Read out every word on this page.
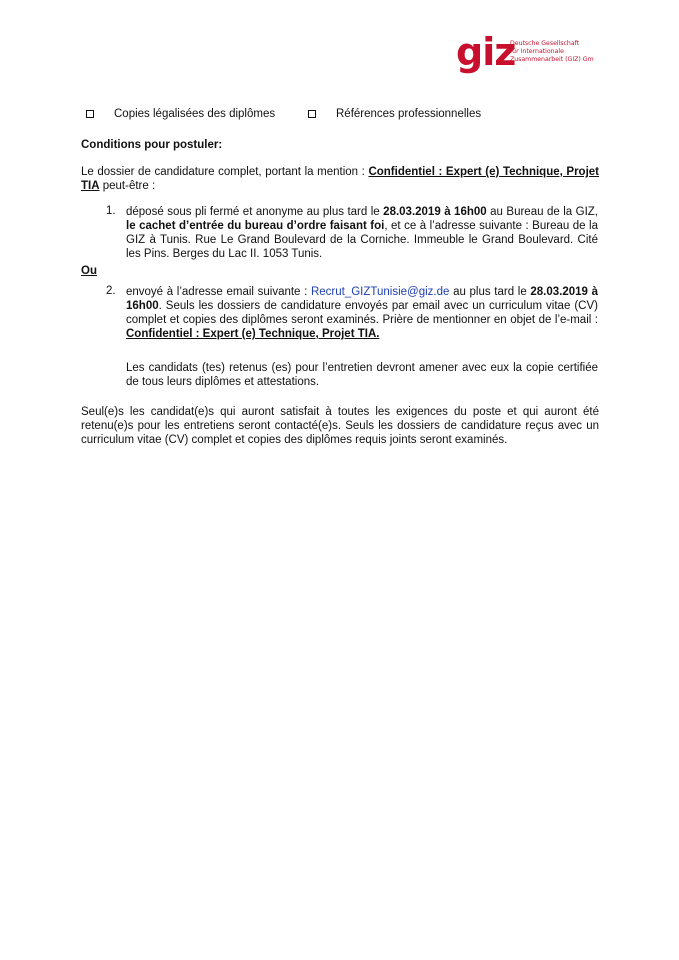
giz
Deutsche Gesellschaft
für Internationale
Zusammenarbeit (GIZ) Gm
Copies légalisées des diplômes	Références professionnelles

Conditions pour postuler:

Le dossier de candidature complet, portant la mention : Confidentiel : Expert (e) Technique, Projet TIA peut-être :

1. déposé sous pli fermé et anonyme au plus tard le 28.03.2019 à 16h00 au Bureau de la GIZ, le cachet d’entrée du bureau d’ordre faisant foi, et ce à l’adresse suivante : Bureau de la GIZ à Tunis. Rue Le Grand Boulevard de la Corniche. Immeuble le Grand Boulevard. Cité les Pins. Berges du Lac II. 1053 Tunis.

Ou

2. envoyé à l’adresse email suivante : Recrut_GIZTunisie@giz.de au plus tard le 28.03.2019 à 16h00. Seuls les dossiers de candidature envoyés par email avec un curriculum vitae (CV) complet et copies des diplômes seront examinés. Prière de mentionner en objet de l’e-mail : Confidentiel : Expert (e) Technique, Projet TIA.

Les candidats (tes) retenus (es) pour l’entretien devront amener avec eux la copie certifiée de tous leurs diplômes et attestations.

Seul(e)s les candidat(e)s qui auront satisfait à toutes les exigences du poste et qui auront été retenu(e)s pour les entretiens seront contacté(e)s. Seuls les dossiers de candidature reçus avec un curriculum vitae (CV) complet et copies des diplômes requis joints seront examinés.
